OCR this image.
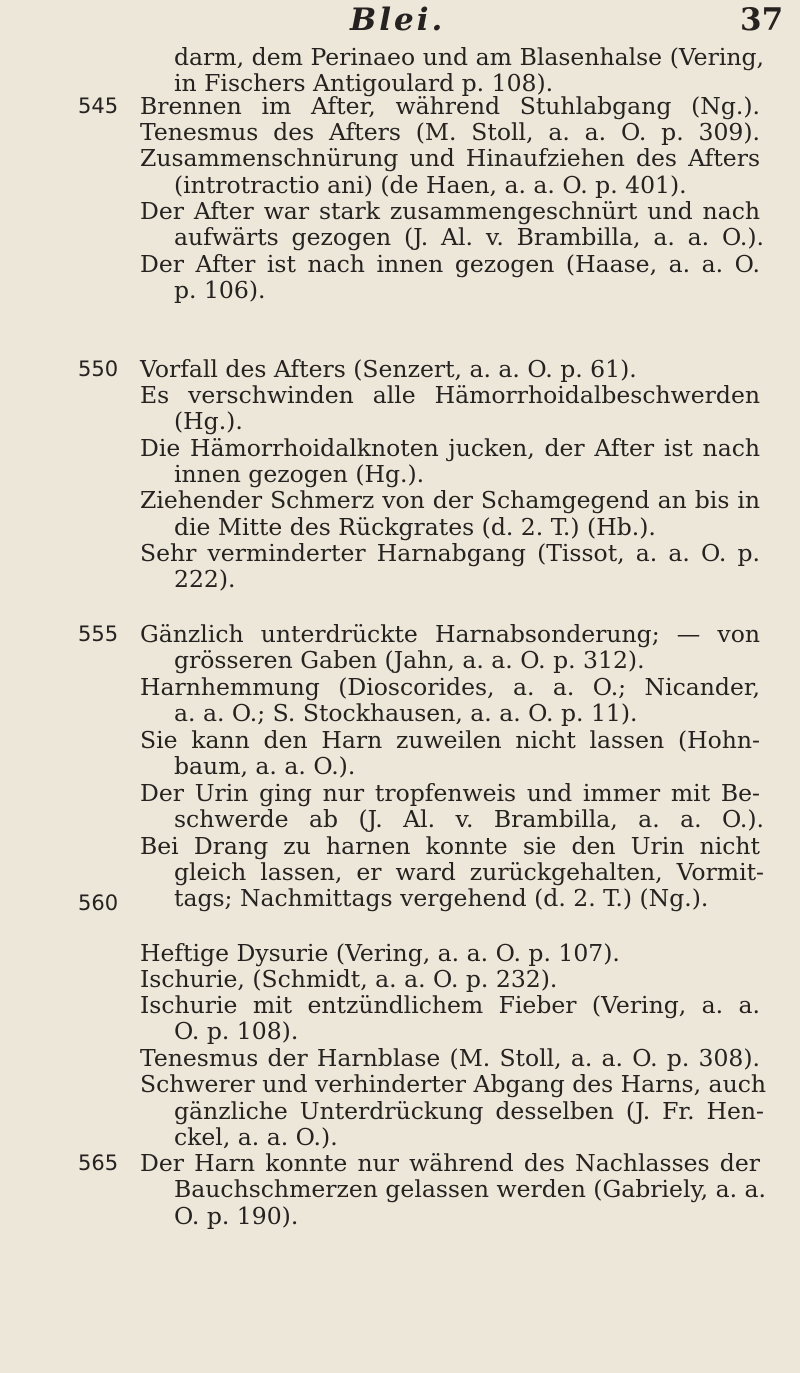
Blei.	37
545
550
555
560
565
darm, dem Perinaeo und am Blasenhalse (Vering,
in Fischers Antigoulard p. 108).
Brennen im After, während Stuhlabgang (Ng.).
Tenesmus des Afters (M. Stoll, a. a. O. p. 309).
Zusammenschnürung und Hinaufziehen des Afters
(introtractio ani) (de Haen, a. a. O. p. 401).
Der After war stark zusammengeschnürt und nach
aufwärts gezogen (J. Al. v. Brambilla, a. a. O.).
Der After ist nach innen gezogen (Haase, a. a. O.
p. 106).
Vorfall des Afters (Senzert, a. a. O. p. 61).
Es verschwinden alle Hämorrhoidalbeschwerden
(Hg.).
Die Hämorrhoidalknoten jucken, der After ist nach
innen gezogen (Hg.).
Ziehender Schmerz von der Schamgegend an bis in
die Mitte des Rückgrates (d. 2. T.) (Hb.).
Sehr verminderter Harnabgang (Tissot, a. a. O. p.
222).
Gänzlich unterdrückte Harnabsonderung; — von
grösseren Gaben (Jahn, a. a. O. p. 312).
Harnhemmung (Dioscorides, a. a. O.; Nicander,
a. a. O.; S. Stockhausen, a. a. O. p. 11).
Sie kann den Harn zuweilen nicht lassen (Hohn-
baum, a. a. O.).
Der Urin ging nur tropfenweis und immer mit Be-
schwerde ab (J. Al. v. Brambilla, a. a. O.).
Bei Drang zu harnen konnte sie den Urin nicht
gleich lassen, er ward zurückgehalten, Vormit-
tags; Nachmittags vergehend (d. 2. T.) (Ng.).
Heftige Dysurie (Vering, a. a. O. p. 107).
Ischurie, (Schmidt, a. a. O. p. 232).
Ischurie mit entzündlichem Fieber (Vering, a. a.
O. p. 108).
Tenesmus der Harnblase (M. Stoll, a. a. O. p. 308).
Schwerer und verhinderter Abgang des Harns, auch
gänzliche Unterdrückung desselben (J. Fr. Hen-
ckel, a. a. O.).
Der Harn konnte nur während des Nachlasses der
Bauchschmerzen gelassen werden (Gabriely, a. a.
O. p. 190).
